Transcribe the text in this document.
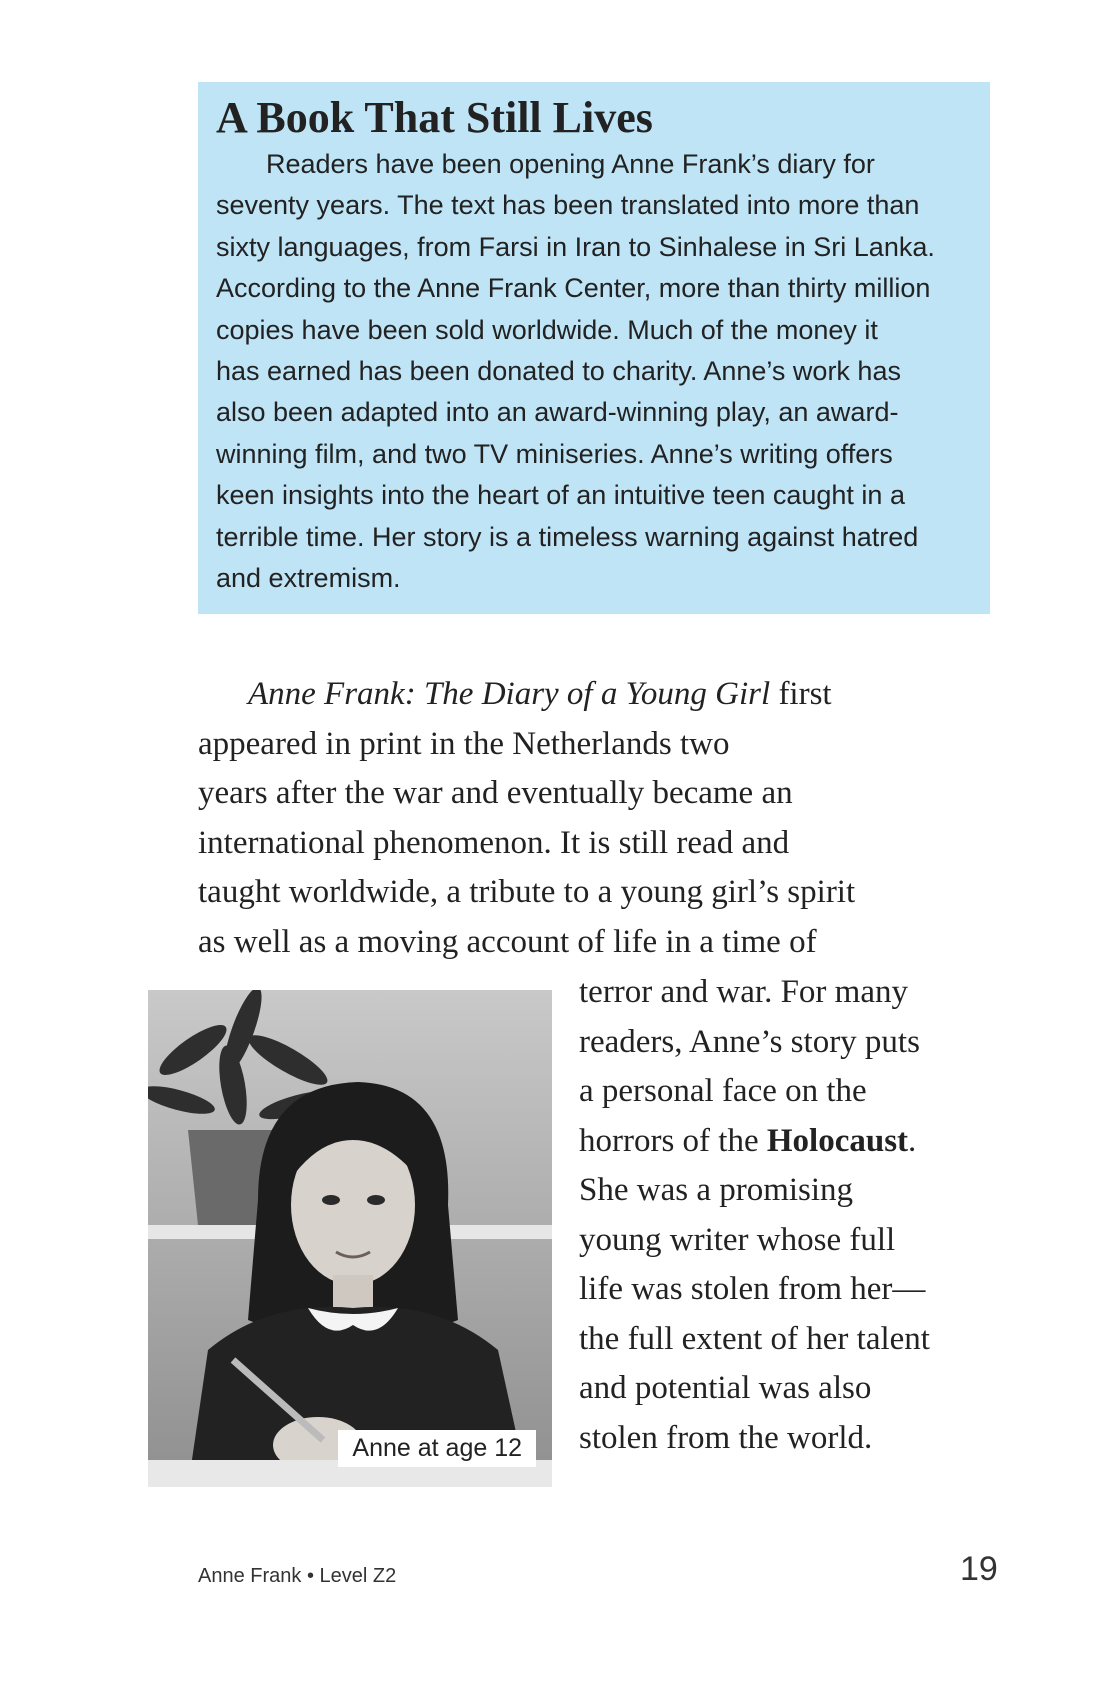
A Book That Still Lives
Readers have been opening Anne Frank’s diary for
seventy years. The text has been translated into more than
sixty languages, from Farsi in Iran to Sinhalese in Sri Lanka.
According to the Anne Frank Center, more than thirty million
copies have been sold worldwide. Much of the money it
has earned has been donated to charity. Anne’s work has
also been adapted into an award-winning play, an award-
winning film, and two TV miniseries. Anne’s writing offers
keen insights into the heart of an intuitive teen caught in a
terrible time. Her story is a timeless warning against hatred
and extremism.
Anne Frank: The Diary of a Young Girl first
appeared in print in the Netherlands two
years after the war and eventually became an
international phenomenon. It is still read and
taught worldwide, a tribute to a young girl’s spirit
as well as a moving account of life in a time of
Anne at age 12
terror and war. For many
readers, Anne’s story puts
a personal face on the
horrors of the Holocaust.
She was a promising
young writer whose full
life was stolen from her—
the full extent of her talent
and potential was also
stolen from the world.
Anne Frank • Level Z2	19
